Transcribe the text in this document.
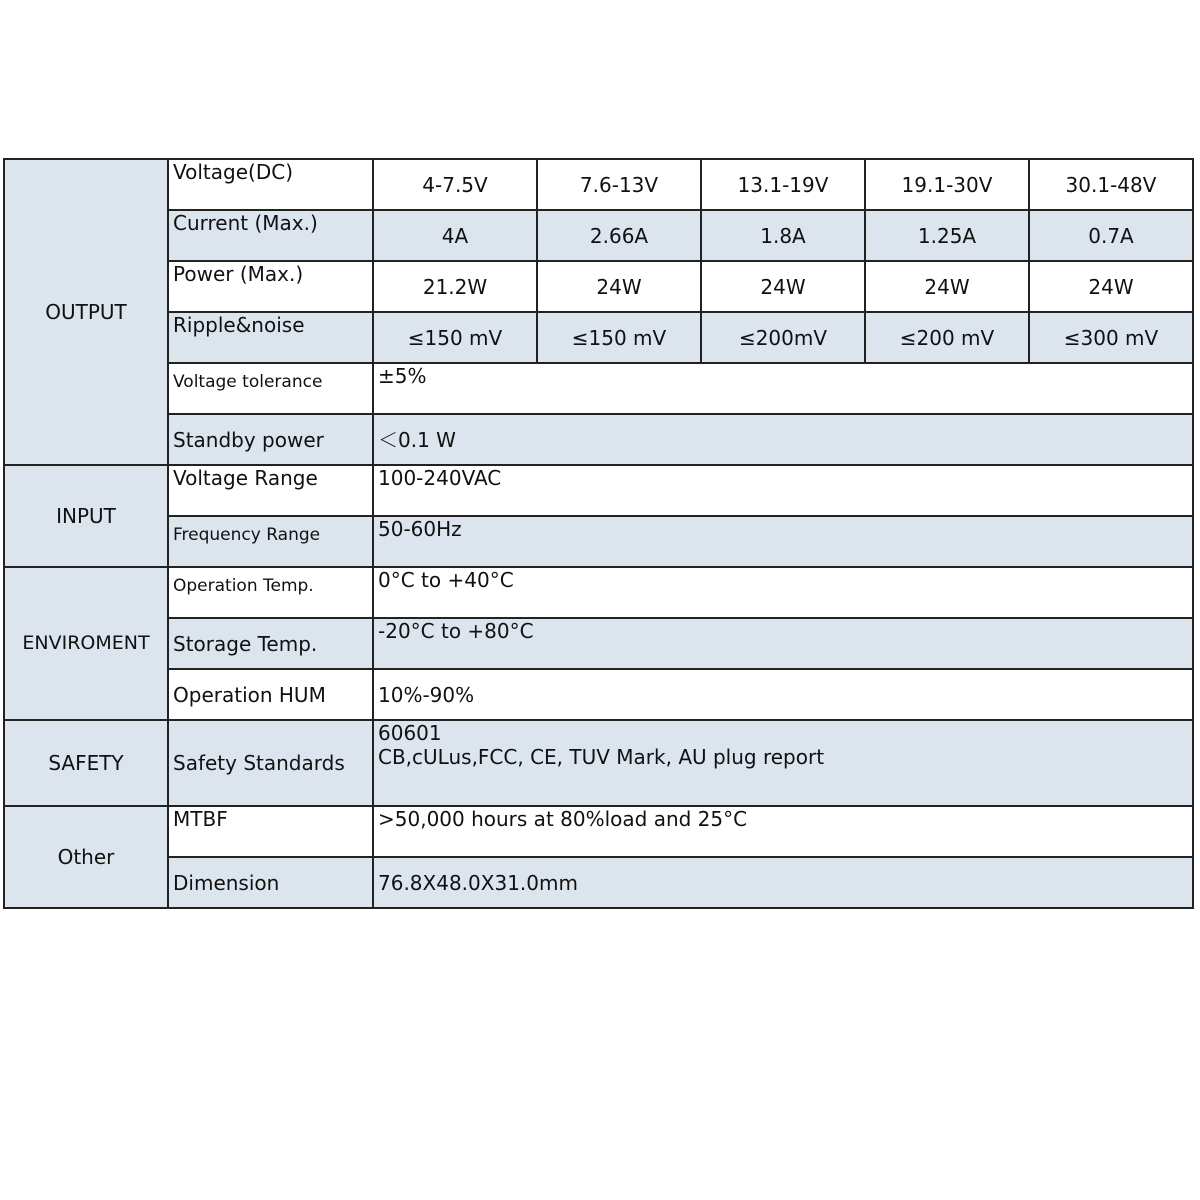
OUTPUT	Voltage(DC)	4-7.5V	7.6-13V	13.1-19V	19.1-30V	30.1-48V
	Current (Max.)	4A	2.66A	1.8A	1.25A	0.7A
	Power (Max.)	21.2W	24W	24W	24W	24W
	Ripple&noise	≤150 mV	≤150 mV	≤200mV	≤200 mV	≤300 mV
	Voltage tolerance	±5%				
	Standby power	＜0.1 W				
INPUT	Voltage Range	100-240VAC				
	Frequency Range	50-60Hz				
ENVIROMENT	Operation Temp.	0°C to +40°C				
	Storage Temp.	-20°C to +80°C				
	Operation HUM	10%-90%				
SAFETY	Safety Standards	60601
CB,cULus,FCC, CE, TUV Mark, AU plug report				

Other	MTBF	>50,000 hours at 80%load and 25°C				
	Dimension	76.8X48.0X31.0mm				
